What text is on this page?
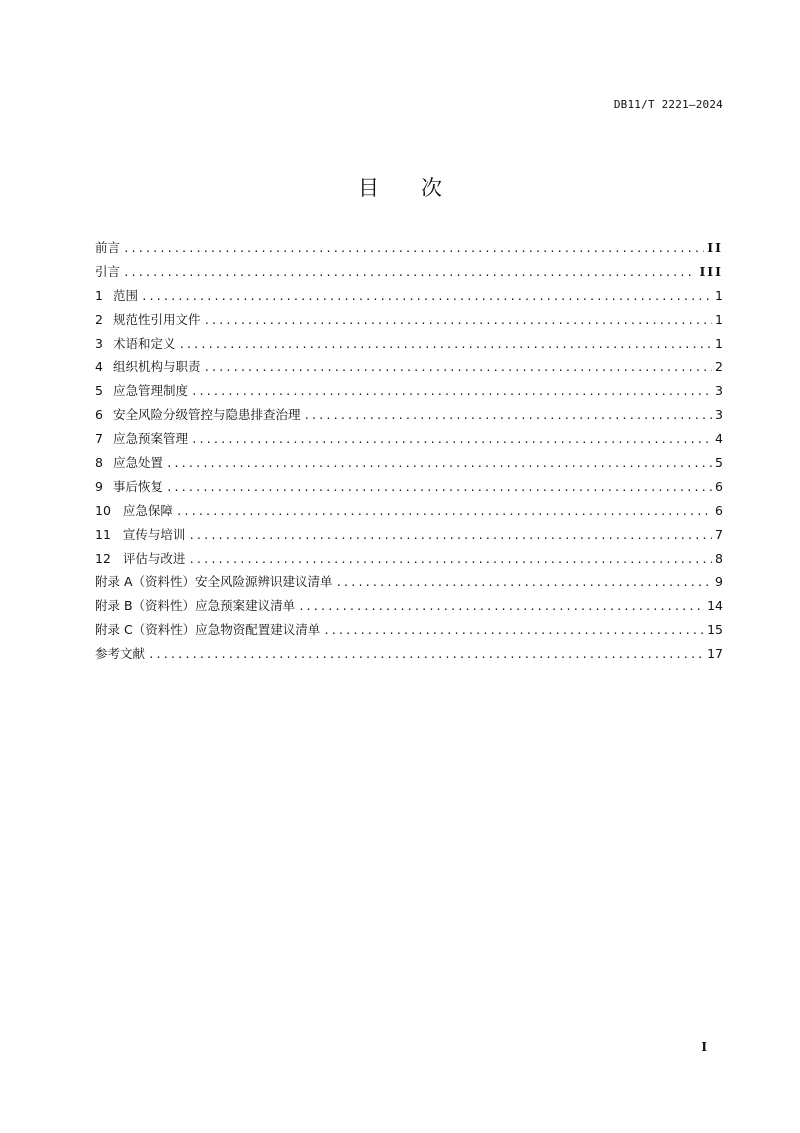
DB11/T 2221—2024
目 次
前言 .....	II
引言 .....	III
1 范围 .....	1
2 规范性引用文件 .....	1
3 术语和定义 .....	1
4 组织机构与职责 .....	2
5 应急管理制度 .....	3
6 安全风险分级管控与隐患排查治理 .....	3
7 应急预案管理 .....	4
8 应急处置 .....	5
9 事后恢复 .....	6
10 应急保障 .....	6
11 宣传与培训 .....	7
12 评估与改进 .....	8
附录 A（资料性） 安全风险源辨识建议清单 .....	9
附录 B（资料性） 应急预案建议清单 .....	14
附录 C（资料性） 应急物资配置建议清单 .....	15
参考文献 .....	17
I
